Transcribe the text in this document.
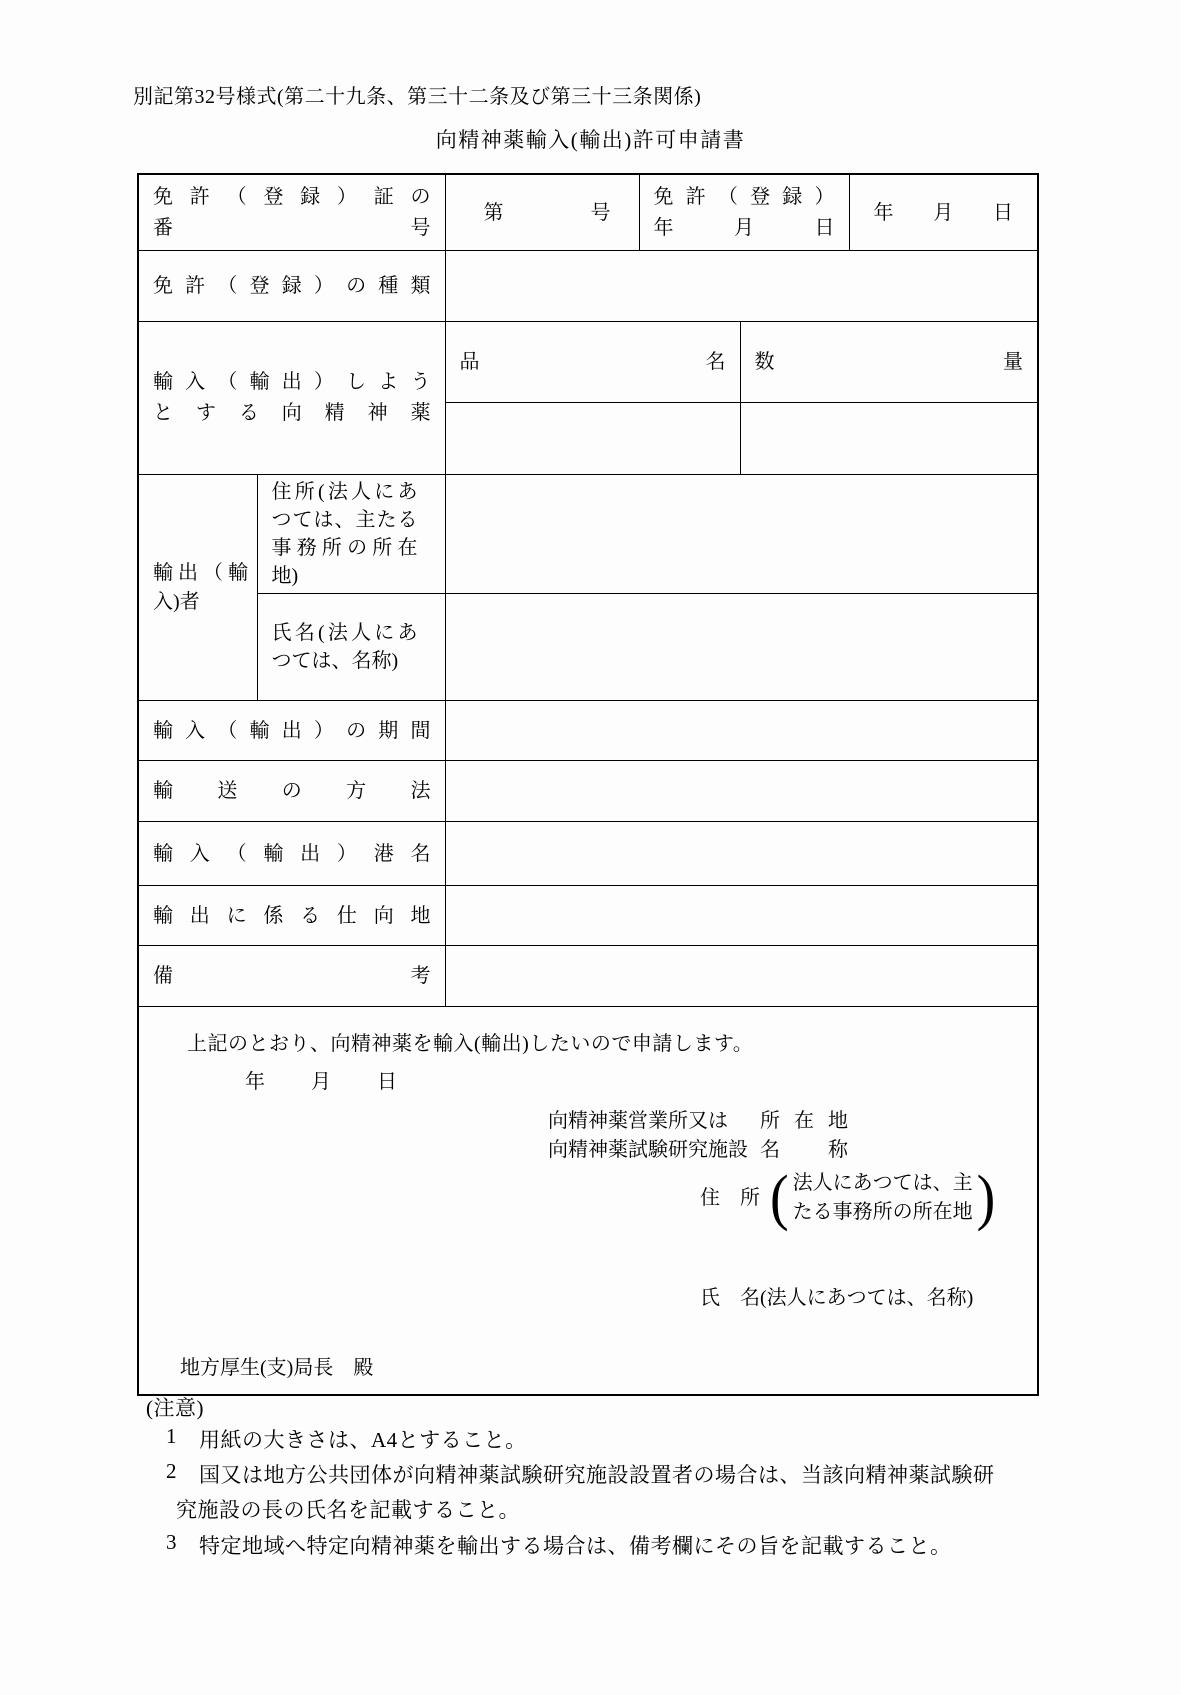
別記第32号様式(第二十九条、第三十二条及び第三十三条関係)
向精神薬輸入(輸出)許可申請書
免許（登録）証の
番号
	第　号	
免許（登録）
年月日
	年月日
免許（登録）の種類					

輸入（輸出）しよう
とする向精神薬		品名		数量	

輸出（輸入)者	住所(法人にあつては、主たる事務所の所在地)				

	氏名(法人にあつては、名称)				

輸入（輸出）の期間					
輸送の方法					
輸入（輸出）港名					
輸出に係る仕向地					
備考					

上記のとおり、向精神薬を輸入(輸出)したいので申請します。
年月日
向精神薬営業所又は	所在地
向精神薬試験研究施設 名称
住　所 ( 法人にあつては、主
たる事務所の所在地 )
氏　名(法人にあつては、名称)
地方厚生(支)局長　殿
(注意)
1 用紙の大きさは、A4とすること。
2 国又は地方公共団体が向精神薬試験研究施設設置者の場合は、当該向精神薬試験研
究施設の長の氏名を記載すること。
3 特定地域へ特定向精神薬を輸出する場合は、備考欄にその旨を記載すること。
